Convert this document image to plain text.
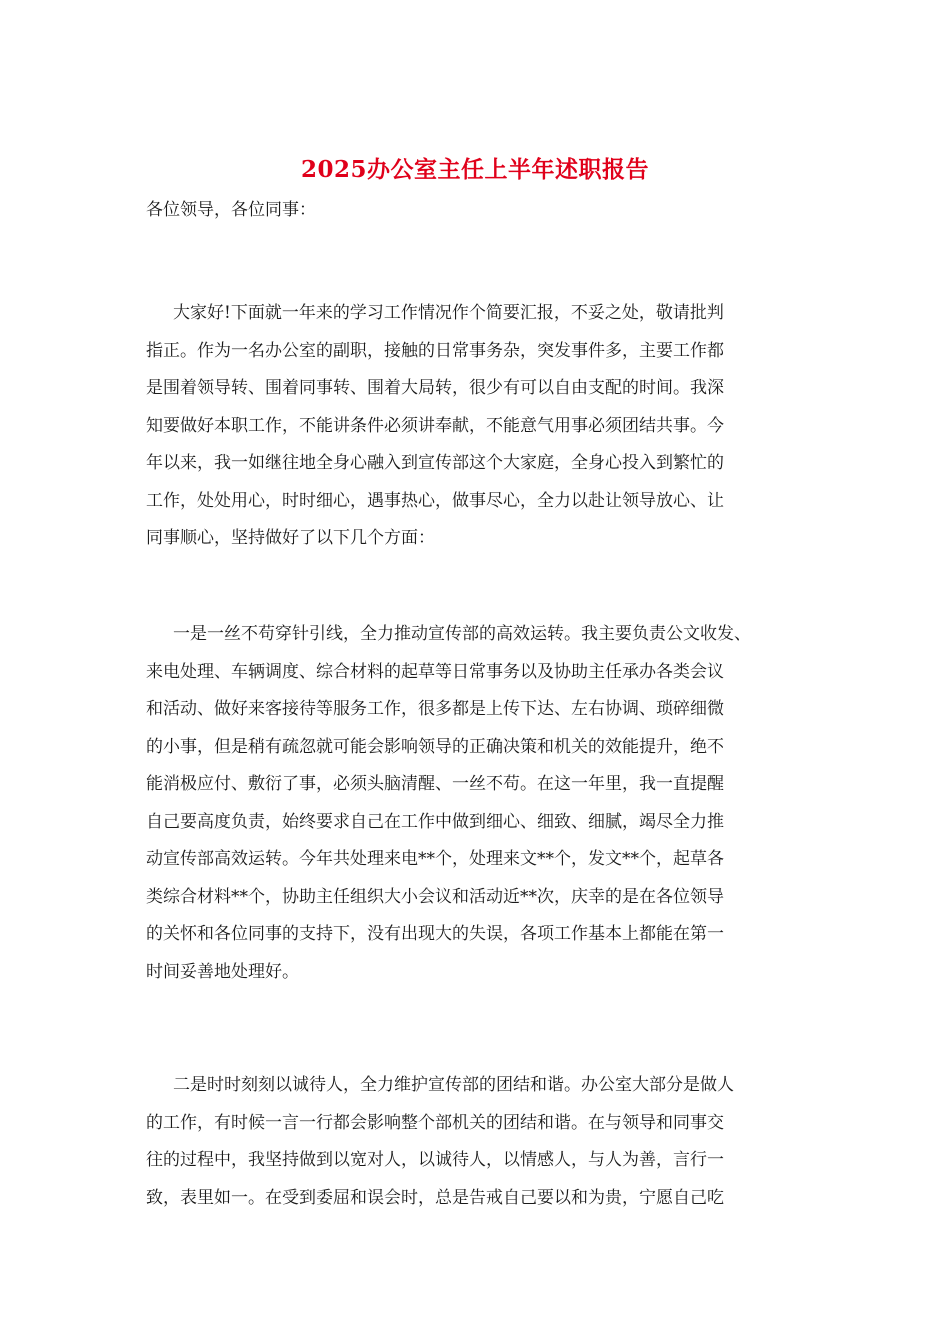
2025办公室主任上半年述职报告

各位领导，各位同事：

大家好!下面就一年来的学习工作情况作个简要汇报，不妥之处，敬请批判
指正。作为一名办公室的副职，接触的日常事务杂，突发事件多，主要工作都
是围着领导转、围着同事转、围着大局转，很少有可以自由支配的时间。我深
知要做好本职工作，不能讲条件必须讲奉献，不能意气用事必须团结共事。今
年以来，我一如继往地全身心融入到宣传部这个大家庭，全身心投入到繁忙的
工作，处处用心，时时细心，遇事热心，做事尽心，全力以赴让领导放心、让
同事顺心，坚持做好了以下几个方面：
一是一丝不苟穿针引线，全力推动宣传部的高效运转。我主要负责公文收发、
来电处理、车辆调度、综合材料的起草等日常事务以及协助主任承办各类会议
和活动、做好来客接待等服务工作，很多都是上传下达、左右协调、琐碎细微
的小事，但是稍有疏忽就可能会影响领导的正确决策和机关的效能提升，绝不
能消极应付、敷衍了事，必须头脑清醒、一丝不苟。在这一年里，我一直提醒
自己要高度负责，始终要求自己在工作中做到细心、细致、细腻，竭尽全力推
动宣传部高效运转。今年共处理来电**个，处理来文**个，发文**个，起草各
类综合材料**个，协助主任组织大小会议和活动近**次，庆幸的是在各位领导
的关怀和各位同事的支持下，没有出现大的失误，各项工作基本上都能在第一
时间妥善地处理好。
二是时时刻刻以诚待人，全力维护宣传部的团结和谐。办公室大部分是做人
的工作，有时候一言一行都会影响整个部机关的团结和谐。在与领导和同事交
往的过程中，我坚持做到以宽对人，以诚待人，以情感人，与人为善，言行一
致，表里如一。在受到委屈和误会时，总是告戒自己要以和为贵，宁愿自己吃
